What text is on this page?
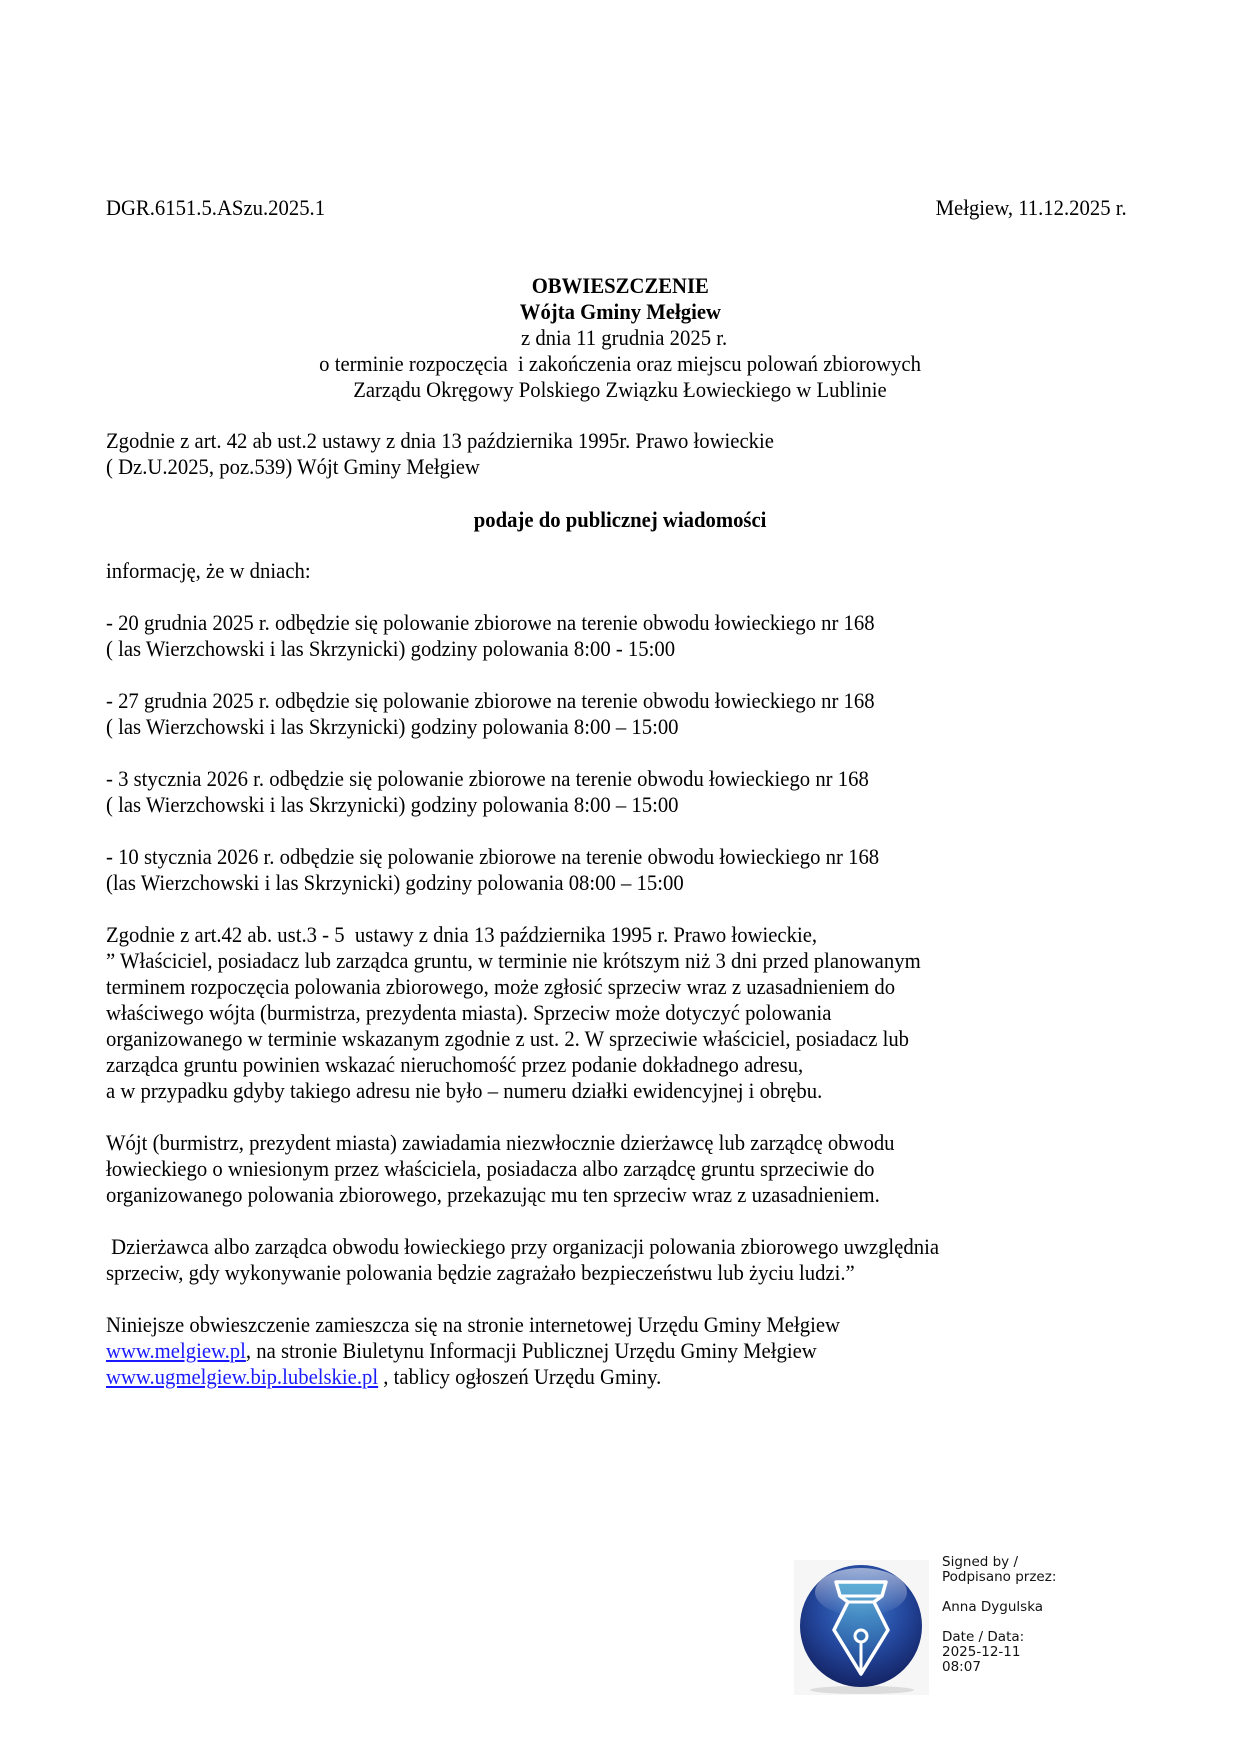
DGR.6151.5.ASzu.2025.1	Mełgiew, 11.12.2025 r.
OBWIESZCZENIE
Wójta Gminy Mełgiew
z dnia 11 grudnia 2025 r.
o terminie rozpoczęcia  i zakończenia oraz miejscu polowań zbiorowych
Zarządu Okręgowy Polskiego Związku Łowieckiego w Lublinie
Zgodnie z art. 42 ab ust.2 ustawy z dnia 13 października 1995r. Prawo łowieckie
( Dz.U.2025, poz.539) Wójt Gminy Mełgiew
podaje do publicznej wiadomości
informację, że w dniach:
- 20 grudnia 2025 r. odbędzie się polowanie zbiorowe na terenie obwodu łowieckiego nr 168
( las Wierzchowski i las Skrzynicki) godziny polowania 8:00 - 15:00
- 27 grudnia 2025 r. odbędzie się polowanie zbiorowe na terenie obwodu łowieckiego nr 168
( las Wierzchowski i las Skrzynicki) godziny polowania 8:00 – 15:00
- 3 stycznia 2026 r. odbędzie się polowanie zbiorowe na terenie obwodu łowieckiego nr 168
( las Wierzchowski i las Skrzynicki) godziny polowania 8:00 – 15:00
- 10 stycznia 2026 r. odbędzie się polowanie zbiorowe na terenie obwodu łowieckiego nr 168
(las Wierzchowski i las Skrzynicki) godziny polowania 08:00 – 15:00
Zgodnie z art.42 ab. ust.3 - 5  ustawy z dnia 13 października 1995 r. Prawo łowieckie,
” Właściciel, posiadacz lub zarządca gruntu, w terminie nie krótszym niż 3 dni przed planowanym
terminem rozpoczęcia polowania zbiorowego, może zgłosić sprzeciw wraz z uzasadnieniem do
właściwego wójta (burmistrza, prezydenta miasta). Sprzeciw może dotyczyć polowania
organizowanego w terminie wskazanym zgodnie z ust. 2. W sprzeciwie właściciel, posiadacz lub
zarządca gruntu powinien wskazać nieruchomość przez podanie dokładnego adresu,
a w przypadku gdyby takiego adresu nie było – numeru działki ewidencyjnej i obrębu.
Wójt (burmistrz, prezydent miasta) zawiadamia niezwłocznie dzierżawcę lub zarządcę obwodu
łowieckiego o wniesionym przez właściciela, posiadacza albo zarządcę gruntu sprzeciwie do
organizowanego polowania zbiorowego, przekazując mu ten sprzeciw wraz z uzasadnieniem.
Dzierżawca albo zarządca obwodu łowieckiego przy organizacji polowania zbiorowego uwzględnia
sprzeciw, gdy wykonywanie polowania będzie zagrażało bezpieczeństwu lub życiu ludzi.”
Niniejsze obwieszczenie zamieszcza się na stronie internetowej Urzędu Gminy Mełgiew
www.melgiew.pl, na stronie Biuletynu Informacji Publicznej Urzędu Gminy Mełgiew
www.ugmelgiew.bip.lubelskie.pl , tablicy ogłoszeń Urzędu Gminy.
Signed by /
Podpisano przez:
Anna Dygulska
Date / Data:
2025-12-11
08:07
